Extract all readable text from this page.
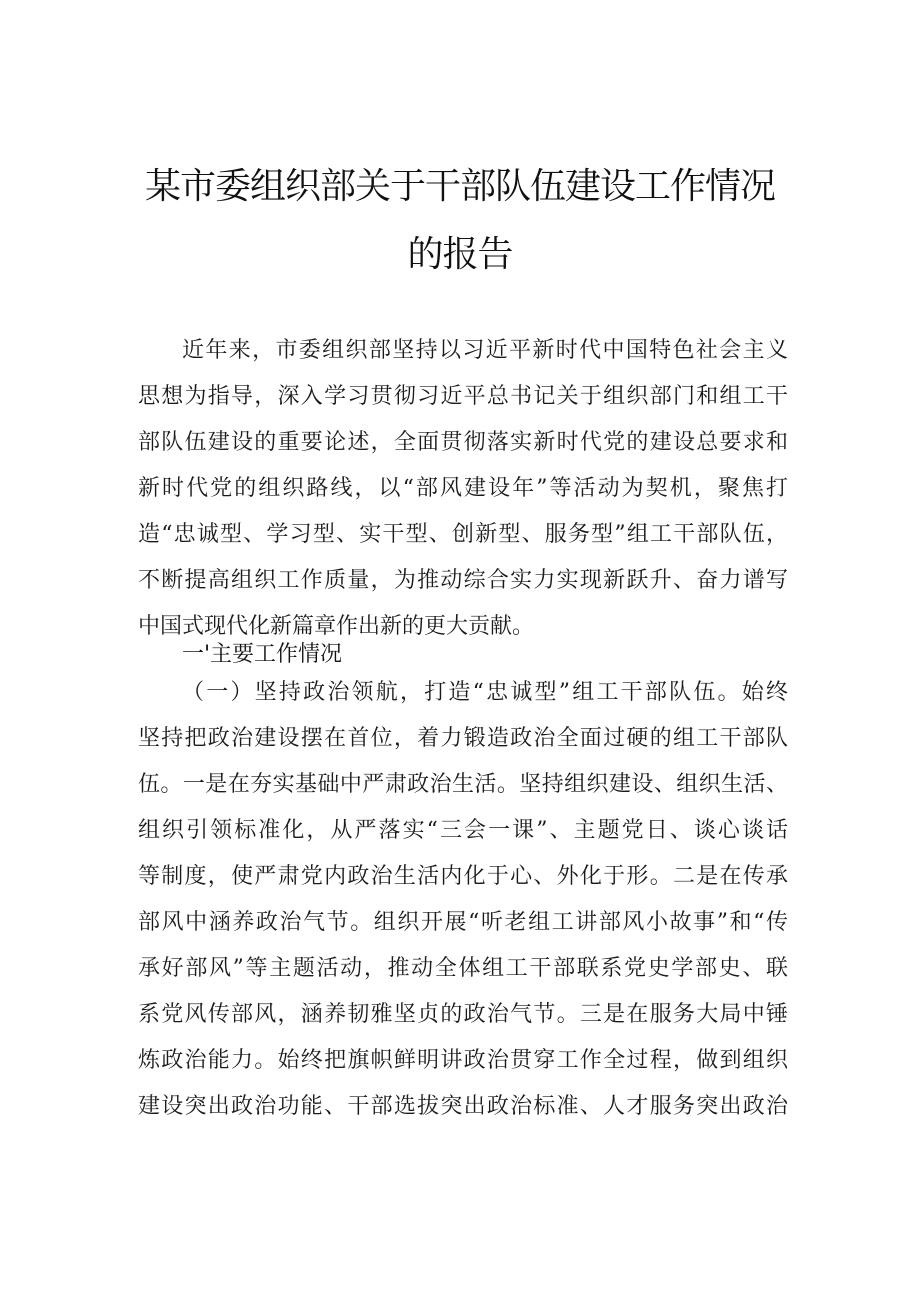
某市委组织部关于干部队伍建设工作情况
的报告
近年来，市委组织部坚持以习近平新时代中国特色社会主义
思想为指导，深入学习贯彻习近平总书记关于组织部门和组工干
部队伍建设的重要论述，全面贯彻落实新时代党的建设总要求和
新时代党的组织路线，以“部风建设年”等活动为契机，聚焦打
造“忠诚型、学习型、实干型、创新型、服务型”组工干部队伍，
不断提高组织工作质量，为推动综合实力实现新跃升、奋力谱写
中国式现代化新篇章作出新的更大贡献。
一'主要工作情况
（一）坚持政治领航，打造“忠诚型”组工干部队伍。始终
坚持把政治建设摆在首位，着力锻造政治全面过硬的组工干部队
伍。一是在夯实基础中严肃政治生活。坚持组织建设、组织生活、
组织引领标准化，从严落实“三会一课”、主题党日、谈心谈话
等制度，使严肃党内政治生活内化于心、外化于形。二是在传承
部风中涵养政治气节。组织开展“听老组工讲部风小故事”和“传
承好部风”等主题活动，推动全体组工干部联系党史学部史、联
系党风传部风，涵养韧雅坚贞的政治气节。三是在服务大局中锤
炼政治能力。始终把旗帜鲜明讲政治贯穿工作全过程，做到组织
建设突出政治功能、干部选拔突出政治标准、人才服务突出政治
